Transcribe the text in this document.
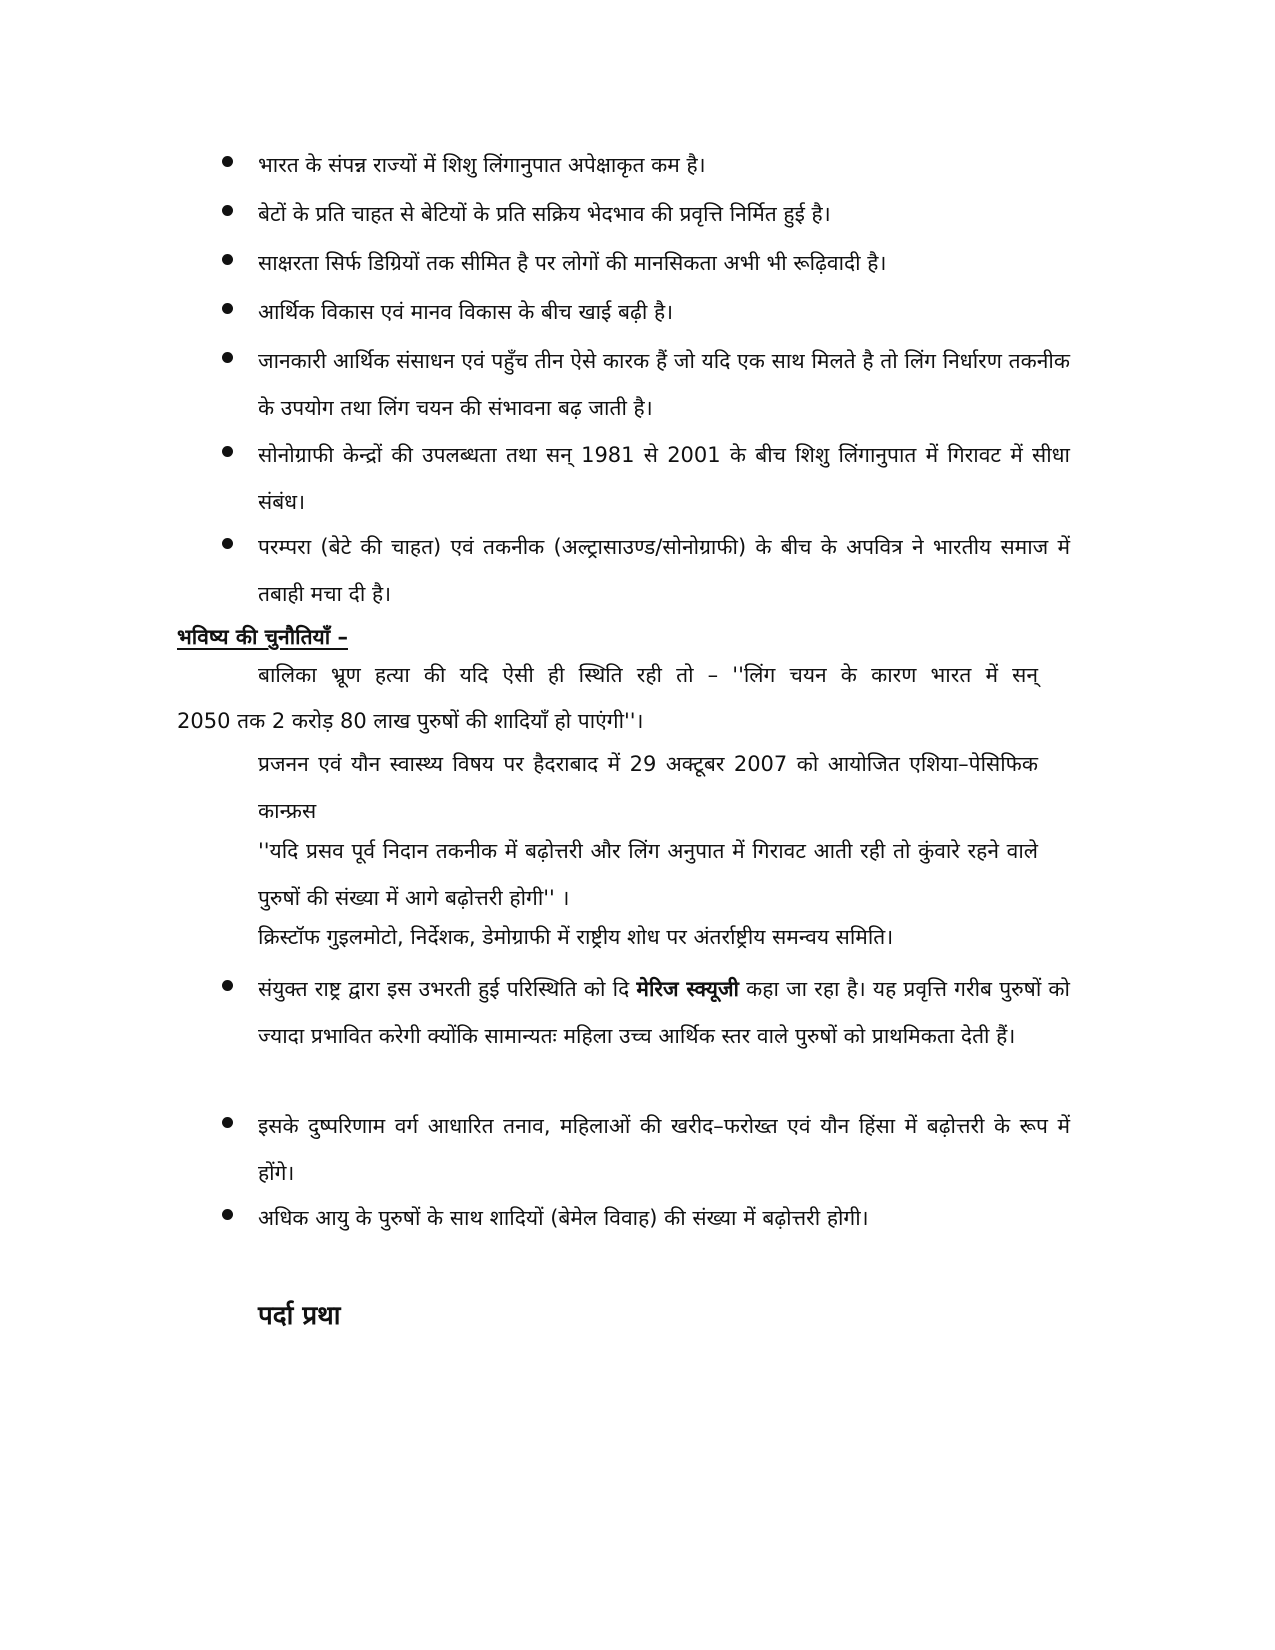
भारत के संपन्न राज्यों में शिशु लिंगानुपात अपेक्षाकृत कम है।
बेटों के प्रति चाहत से बेटियों के प्रति सक्रिय भेदभाव की प्रवृत्ति निर्मित हुई है।
साक्षरता सिर्फ डिग्रियों तक सीमित है पर लोगों की मानसिकता अभी भी रूढ़िवादी है।
आर्थिक विकास एवं मानव विकास के बीच खाई बढ़ी है।
जानकारी आर्थिक संसाधन एवं पहुँच तीन ऐसे कारक हैं जो यदि एक साथ मिलते है तो लिंग निर्धारण तकनीक के उपयोग तथा लिंग चयन की संभावना बढ़ जाती है।
सोनोग्राफी केन्द्रों की उपलब्धता तथा सन् 1981 से 2001 के बीच शिशु लिंगानुपात में गिरावट में सीधा संबंध।
परम्परा (बेटे की चाहत) एवं तकनीक (अल्ट्रासाउण्ड/सोनोग्राफी) के बीच के अपवित्र ने भारतीय समाज में तबाही मचा दी है।
भविष्य की चुनौतियाँ –
बालिका भ्रूण हत्या की यदि ऐसी ही स्थिति रही तो – ''लिंग चयन के कारण भारत में सन्
2050 तक 2 करोड़ 80 लाख पुरुषों की शादियाँ हो पाएंगी''।
प्रजनन एवं यौन स्वास्थ्य विषय पर हैदराबाद में 29 अक्टूबर 2007 को आयोजित एशिया–पेसिफिक कान्फ्रस
''यदि प्रसव पूर्व निदान तकनीक में बढ़ोत्तरी और लिंग अनुपात में गिरावट आती रही तो कुंवारे रहने वाले पुरुषों की संख्या में आगे बढ़ोत्तरी होगी'' ।
क्रिस्टॉफ गुइलमोटो, निर्देशक, डेमोग्राफी में राष्ट्रीय शोध पर अंतर्राष्ट्रीय समन्वय समिति।
संयुक्त राष्ट्र द्वारा इस उभरती हुई परिस्थिति को दि मेरिज स्क्यूजी कहा जा रहा है। यह प्रवृत्ति गरीब पुरुषों को ज्यादा प्रभावित करेगी क्योंकि सामान्यतः महिला उच्च आर्थिक स्तर वाले पुरुषों को प्राथमिकता देती हैं।
इसके दुष्परिणाम वर्ग आधारित तनाव, महिलाओं की खरीद–फरोख्त एवं यौन हिंसा में बढ़ोत्तरी के रूप में होंगे।
अधिक आयु के पुरुषों के साथ शादियों (बेमेल विवाह) की संख्या में बढ़ोत्तरी होगी।
पर्दा प्रथा
